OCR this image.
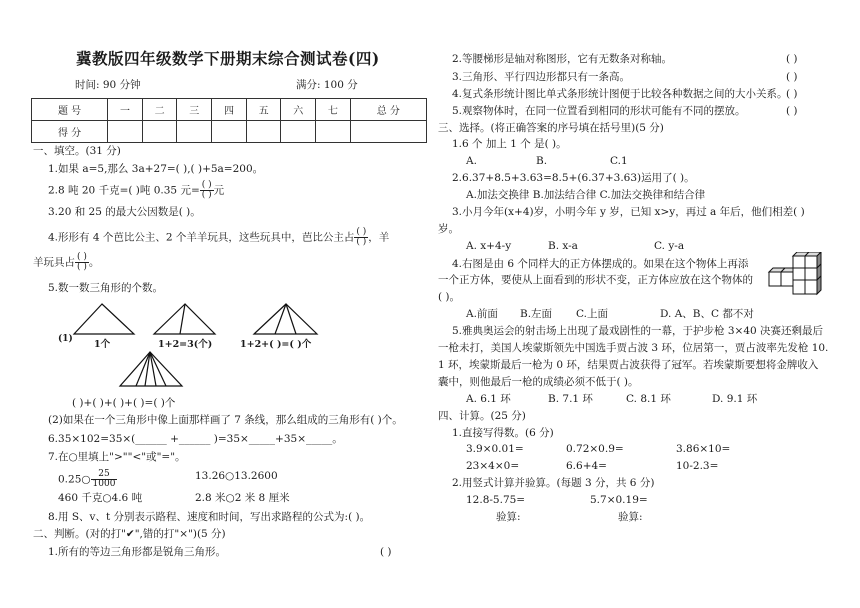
冀教版四年级数学下册期末综合测试卷(四)
时间: 90 分钟	满分: 100 分
题 号	一	二	三	四	五	六	七	总 分
得 分								
一、填空。(31 分)
1.如果 a=5,那么 3a+27=( ),( )+5a=200。
2.8 吨 20 千克=( )吨 0.35 元= $\frac{( )}{( )}$ 元
3.20 和 25 的最大公因数是( )。
4.形形有 4 个芭比公主、2 个羊羊玩具，这些玩具中，芭比公主占 $\frac{( )}{( )}$ ，羊
羊玩具占 $\frac{( )}{( )}$ 。
5.数一数三角形的个数。
(1) 1个	1+2=3(个)	1+2+( )=( )个
( )+( )+( )+( )=( )个
(2)如果在一个三角形中像上面那样画了 7 条线，那么组成的三角形有( )个。
6.35×102=35×(______ +______ )=35×_____+35×_____。
7.在○里填上">""<"或"="。
0.25○ $\frac{25}{1000}$	13.26○13.2600
460 千克○4.6 吨	2.8 米○2 米 8 厘米
8.用 S、v、t 分别表示路程、速度和时间，写出求路程的公式为:( )。
二、判断。(对的打"✔",错的打"×")(5 分)
1.所有的等边三角形都是锐角三角形。	( )
2.等腰梯形是轴对称图形，它有无数条对称轴。	( )
3.三角形、平行四边形都只有一条高。	( )
4.复式条形统计图比单式条形统计图便于比较各种数据之间的大小关系。
( )
5.观察物体时，在同一位置看到相同的形状可能有不同的摆放。	( )
三、选择。(将正确答案的序号填在括号里)(5 分)
1.6 个 加上 1 个 是( )。
A.	B.	C.1
2.6.37+8.5+3.63=8.5+(6.37+3.63)运用了( )。
A.加法交换律 B.加法结合律 C.加法交换律和结合律
3.小月今年(x+4)岁，小明今年 y 岁，已知 x>y，再过 a 年后，他们相差( )
岁。
A. x+4-y	B. x-a	C. y-a
4.右图是由 6 个同样大的正方体摆成的。如果在这个物体上再添
一个正方体，要使从上面看到的形状不变，正方体应放在这个物体的
( )。
A.前面 B.左面 C.上面	D. A、B、C 都不对
5.雅典奥运会的射击场上出现了最戏剧性的一幕，于护步枪 3×40 决赛还剩最后
一枪未打，美国人埃蒙斯领先中国选手贾占波 3 环，位居第一，贾占波率先发枪 10.
1 环，埃蒙斯最后一枪为 0 环，结果贾占波获得了冠军。若埃蒙斯要想将金牌收入
囊中，则他最后一枪的成绩必须不低于( )。
A. 6.1 环	B. 7.1 环	C. 8.1 环	D. 9.1 环
四、计算。(25 分)
1.直接写得数。(6 分)
3.9×0.01=	0.72×0.9=	3.86×10=
23×4×0=	6.6+4=	10-2.3=
2.用竖式计算并验算。(每题 3 分，共 6 分)
12.8-5.75=	5.7×0.19=
验算:	验算:
